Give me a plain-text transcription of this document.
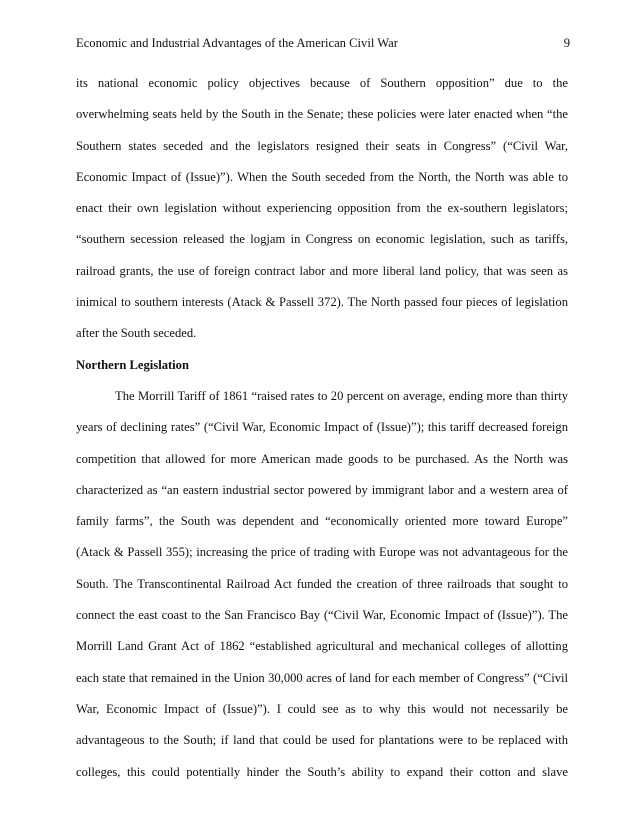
Economic and Industrial Advantages of the American Civil War	9
its national economic policy objectives because of Southern opposition” due to the
overwhelming seats held by the South in the Senate; these policies were later enacted when “the
Southern states seceded and the legislators resigned their seats in Congress” (“Civil War,
Economic Impact of (Issue)”). When the South seceded from the North, the North was able to
enact their own legislation without experiencing opposition from the ex-southern legislators;
“southern secession released the logjam in Congress on economic legislation, such as tariffs,
railroad grants, the use of foreign contract labor and more liberal land policy, that was seen as
inimical to southern interests (Atack & Passell 372). The North passed four pieces of legislation
after the South seceded.
Northern Legislation
The Morrill Tariff of 1861 “raised rates to 20 percent on average, ending more than thirty
years of declining rates” (“Civil War, Economic Impact of (Issue)”); this tariff decreased foreign
competition that allowed for more American made goods to be purchased. As the North was
characterized as “an eastern industrial sector powered by immigrant labor and a western area of
family farms”, the South was dependent and “economically oriented more toward Europe”
(Atack & Passell 355); increasing the price of trading with Europe was not advantageous for the
South. The Transcontinental Railroad Act funded the creation of three railroads that sought to
connect the east coast to the San Francisco Bay (“Civil War, Economic Impact of (Issue)”). The
Morrill Land Grant Act of 1862 “established agricultural and mechanical colleges of allotting
each state that remained in the Union 30,000 acres of land for each member of Congress” (“Civil
War, Economic Impact of (Issue)”). I could see as to why this would not necessarily be
advantageous to the South; if land that could be used for plantations were to be replaced with
colleges, this could potentially hinder the South’s ability to expand their cotton and slave
